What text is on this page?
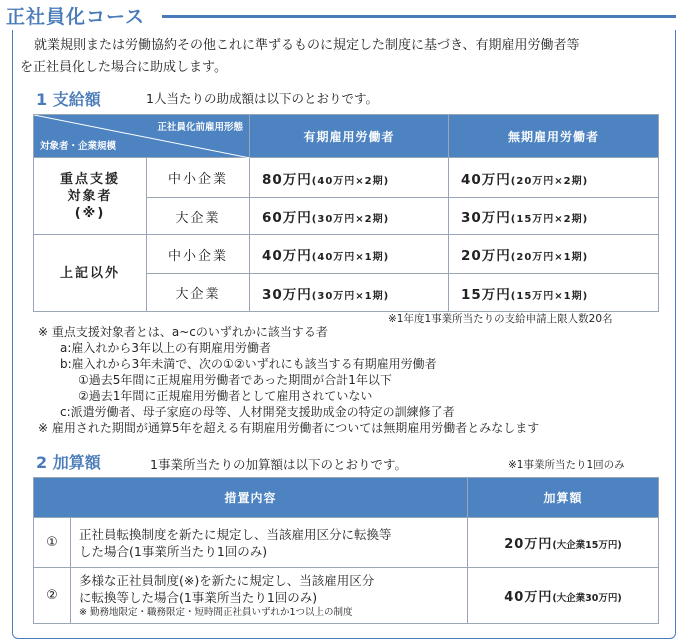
正社員化コース
就業規則または労働協約その他これに準ずるものに規定した制度に基づき、有期雇用労働者等
を正社員化した場合に助成します。
1 支給額	1人当たりの助成額は以下のとおりです。
正社員化前雇用形態
対象者・企業規模		有期雇用労働者	無期雇用労働者

重点支援
対象者
(※)	中小企業	80万円(40万円×2期)	40万円(20万円×2期)
	大企業	60万円(30万円×2期)	30万円(15万円×2期)

上記以外	中小企業	40万円(40万円×1期)	20万円(20万円×1期)
	大企業	30万円(30万円×1期)	15万円(15万円×1期)
※1年度1事業所当たりの支給申請上限人数20名
※ 重点支援対象者とは、a~cのいずれかに該当する者
a:雇入れから3年以上の有期雇用労働者
b:雇入れから3年未満で、次の①②いずれにも該当する有期雇用労働者
①過去5年間に正規雇用労働者であった期間が合計1年以下
②過去1年間に正規雇用労働者として雇用されていない
c:派遣労働者、母子家庭の母等、人材開発支援助成金の特定の訓練修了者
※ 雇用された期間が通算5年を超える有期雇用労働者については無期雇用労働者とみなします
2 加算額	1事業所当たりの加算額は以下のとおりです。	※1事業所当たり1回のみ
措置内容		加算額
①	正社員転換制度を新たに規定し、当該雇用区分に転換等
した場合(1事業所当たり1回のみ)	20万円(大企業15万円)
②	多様な正社員制度(※)を新たに規定し、当該雇用区分
に転換等した場合(1事業所当たり1回のみ)
※ 勤務地限定・職務限定・短時間正社員いずれか1つ以上の制度	40万円(大企業30万円)
